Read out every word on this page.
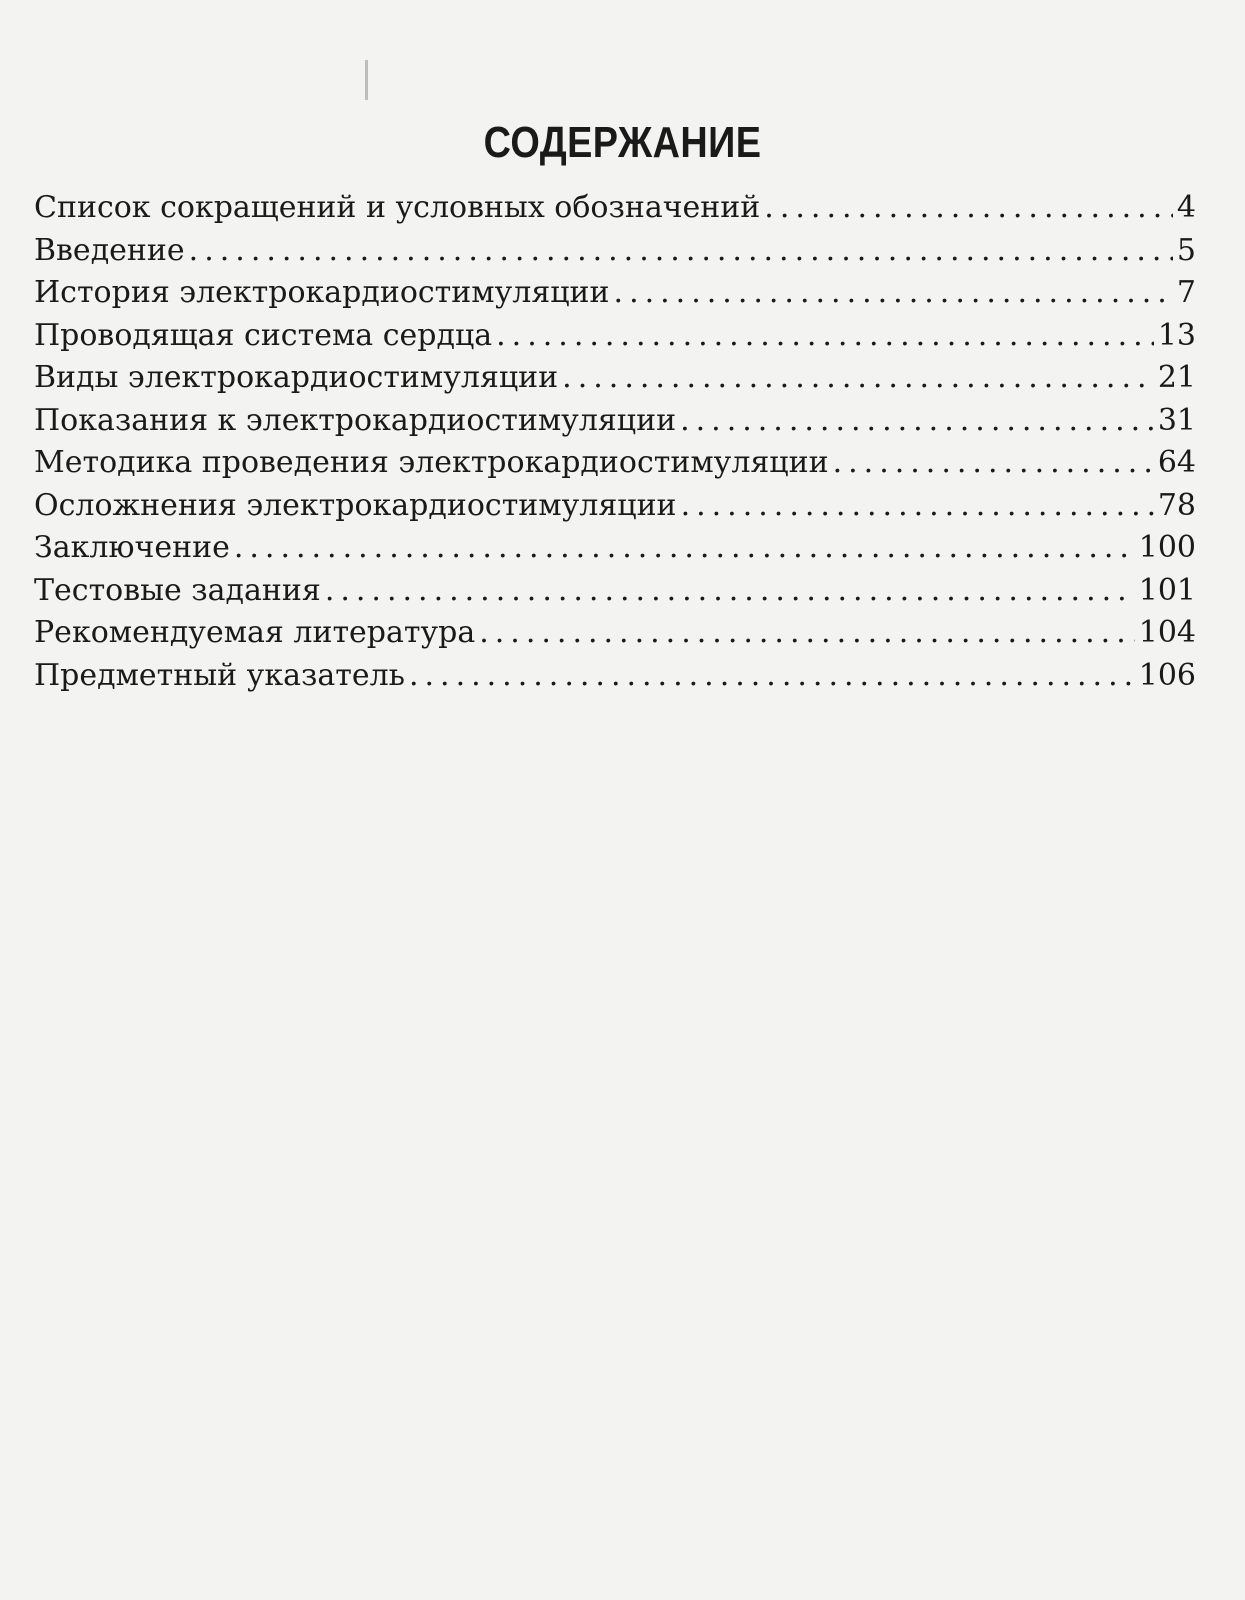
СОДЕРЖАНИЕ
Список сокращений и условных обозначений .....	4
Введение .....	5
История электрокардиостимуляции .....	7
Проводящая система сердца .....	13
Виды электрокардиостимуляции .....	21
Показания к электрокардиостимуляции .....	31
Методика проведения электрокардиостимуляции .....	64
Осложнения электрокардиостимуляции .....	78
Заключение .....	100
Тестовые задания .....	101
Рекомендуемая литература .....	104
Предметный указатель .....	106
